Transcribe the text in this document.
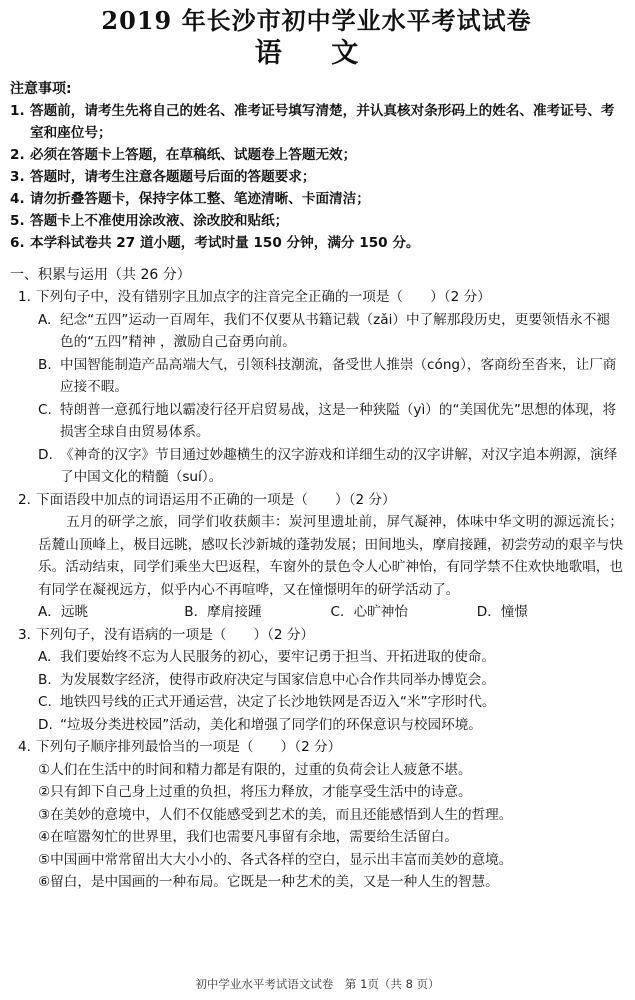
2019 年长沙市初中学业水平考试试卷
语 文
注意事项:
1. 答题前，请考生先将自己的姓名、准考证号填写清楚，并认真核对条形码上的姓名、准考证号、考室和座位号；
2. 必须在答题卡上答题，在草稿纸、试题卷上答题无效；
3. 答题时，请考生注意各题题号后面的答题要求；
4. 请勿折叠答题卡，保持字体工整、笔迹清晰、卡面清洁；
5. 答题卡上不准使用涂改液、涂改胶和贴纸；
6. 本学科试卷共 27 道小题，考试时量 150 分钟，满分 150 分。
一、积累与运用（共 26 分）
1. 下列句子中，没有错别字且加点字的注音完全正确的一项是（　　）（2 分）
A. 纪念“五四”运动一百周年，我们不仅要从书籍记载（zǎi）中了解那段历史，更要领悟永不褪色的“五四”精神 ，激励自己奋勇向前。
B. 中国智能制造产品高端大气，引领科技潮流，备受世人推崇（cóng），客商纷至沓来，让厂商应接不暇。
C. 特朗普一意孤行地以霸凌行径开启贸易战，这是一种狭隘（yì）的“美国优先”思想的体现，将损害全球自由贸易体系。
D. 《神奇的汉字》节目通过妙趣横生的汉字游戏和详细生动的汉字讲解，对汉字追本朔源，演绎了中国文化的精髓（suí）。
2. 下面语段中加点的词语运用不正确的一项是（　　）（2 分）
五月的研学之旅，同学们收获颇丰：炭河里遗址前，屏气凝神，体味中华文明的源远流长；岳麓山顶峰上，极目远眺，感叹长沙新城的蓬勃发展；田间地头，摩肩接踵，初尝劳动的艰辛与快乐。活动结束，同学们乘坐大巴返程，车窗外的景色令人心旷神怡，有同学禁不住欢快地歌唱，也有同学在凝视远方，似乎内心不再喧哗，又在憧憬明年的研学活动了。
A．远眺	B．摩肩接踵	C．心旷神怡	D．憧憬
3. 下列句子，没有语病的一项是（　　）（2 分）
A. 我们要始终不忘为人民服务的初心，要牢记勇于担当、开拓进取的使命。
B. 为发展数字经济，使得市政府决定与国家信息中心合作共同举办博览会。
C. 地铁四号线的正式开通运营，决定了长沙地铁网是否迈入“米”字形时代。
D. “垃圾分类进校园”活动，美化和增强了同学们的环保意识与校园环境。
4. 下列句子顺序排列最恰当的一项是（　　）（2 分）
①人们在生活中的时间和精力都是有限的，过重的负荷会让人疲惫不堪。
②只有卸下自己身上过重的负担，将压力释放，才能享受生活中的诗意。
③在美妙的意境中，人们不仅能感受到艺术的美，而且还能感悟到人生的哲理。
④在喧嚣匆忙的世界里，我们也需要凡事留有余地，需要给生活留白。
⑤中国画中常常留出大大小小的、各式各样的空白，显示出丰富而美妙的意境。
⑥留白，是中国画的一种布局。它既是一种艺术的美，又是一种人生的智慧。
初中学业水平考试语文试卷　第 1页（共 8 页）
